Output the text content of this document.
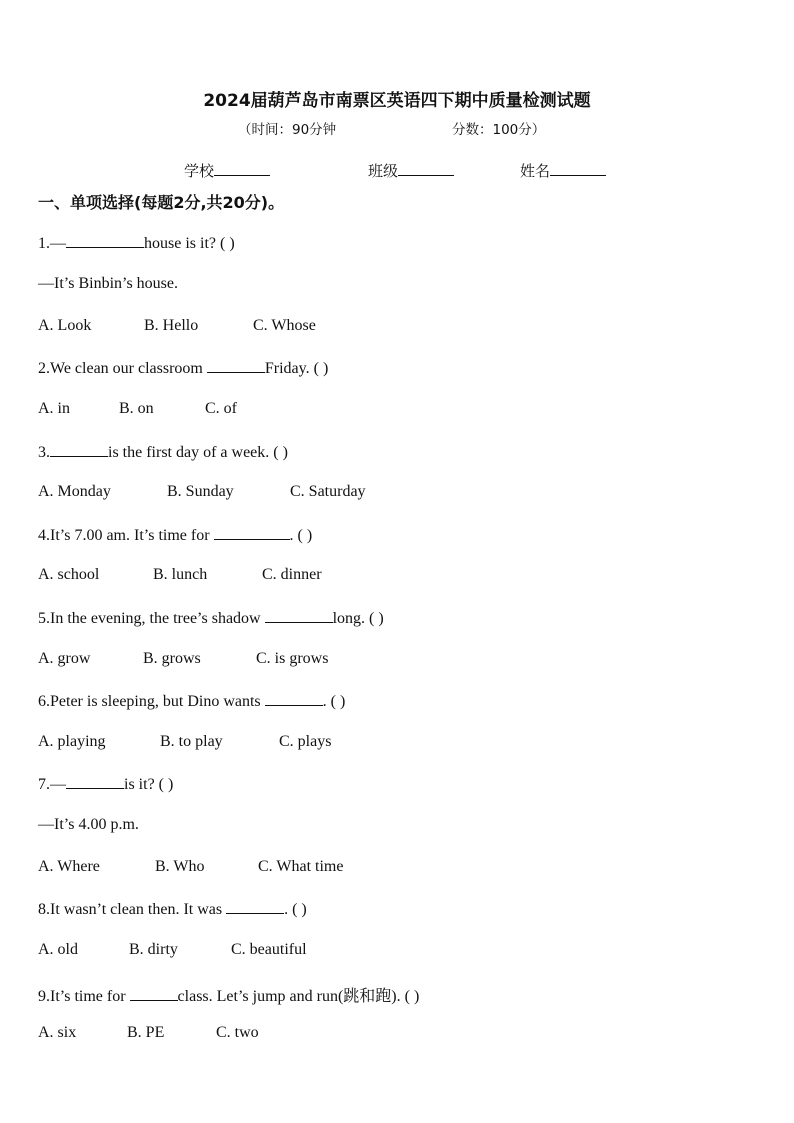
2024届葫芦岛市南票区英语四下期中质量检测试题
（时间：90分钟	分数：100分）
学校	班级	姓名
一、单项选择(每题2分,共20分)。
1.—	house is it? ( )
—It’s Binbin’s house.
A. Look	B. Hello	C. Whose
2.We clean our classroom	Friday. ( )
A. in	B. on	C. of
3.	is the first day of a week. ( )
A. Monday	B. Sunday	C. Saturday
4.It’s 7.00 am. It’s time for	. ( )
A. school	B. lunch	C. dinner
5.In the evening, the tree’s shadow	long. ( )
A. grow	B. grows	C. is grows
6.Peter is sleeping, but Dino wants	. ( )
A. playing	B. to play	C. plays
7.—	is it? ( )
—It’s 4.00 p.m.
A. Where	B. Who	C. What time
8.It wasn’t clean then. It was	. ( )
A. old	B. dirty	C. beautiful
9.It’s time for	class. Let’s jump and run(跳和跑). ( )
A. six	B. PE	C. two
